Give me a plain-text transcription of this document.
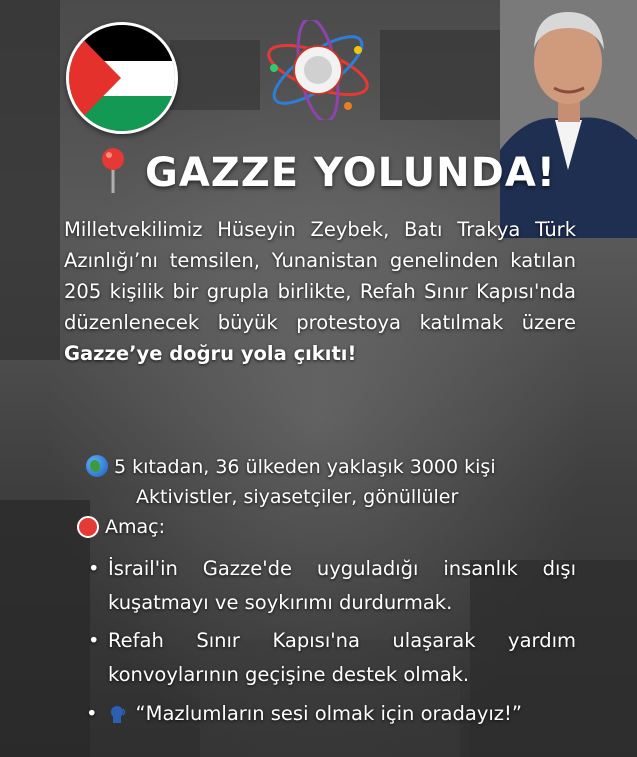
GAZZE YOLUNDA!
Milletvekilimiz Hüseyin Zeybek, Batı Trakya Türk Azınlığı’nı temsilen, Yunanistan genelinden katılan 205 kişilik bir grupla birlikte, Refah Sınır Kapısı'nda düzenlenecek büyük protestoya katılmak üzere Gazze’ye doğru yola çıkıtı!
5 kıtadan, 36 ülkeden yaklaşık 3000 kişi
Aktivistler, siyasetçiler, gönüllüler
Amaç:
• İsrail'in Gazze'de uyguladığı insanlık dışı kuşatmayı ve soykırımı durdurmak.
• Refah Sınır Kapısı'na ulaşarak yardım konvoylarının geçişine destek olmak.
• “Mazlumların sesi olmak için oradayız!”
